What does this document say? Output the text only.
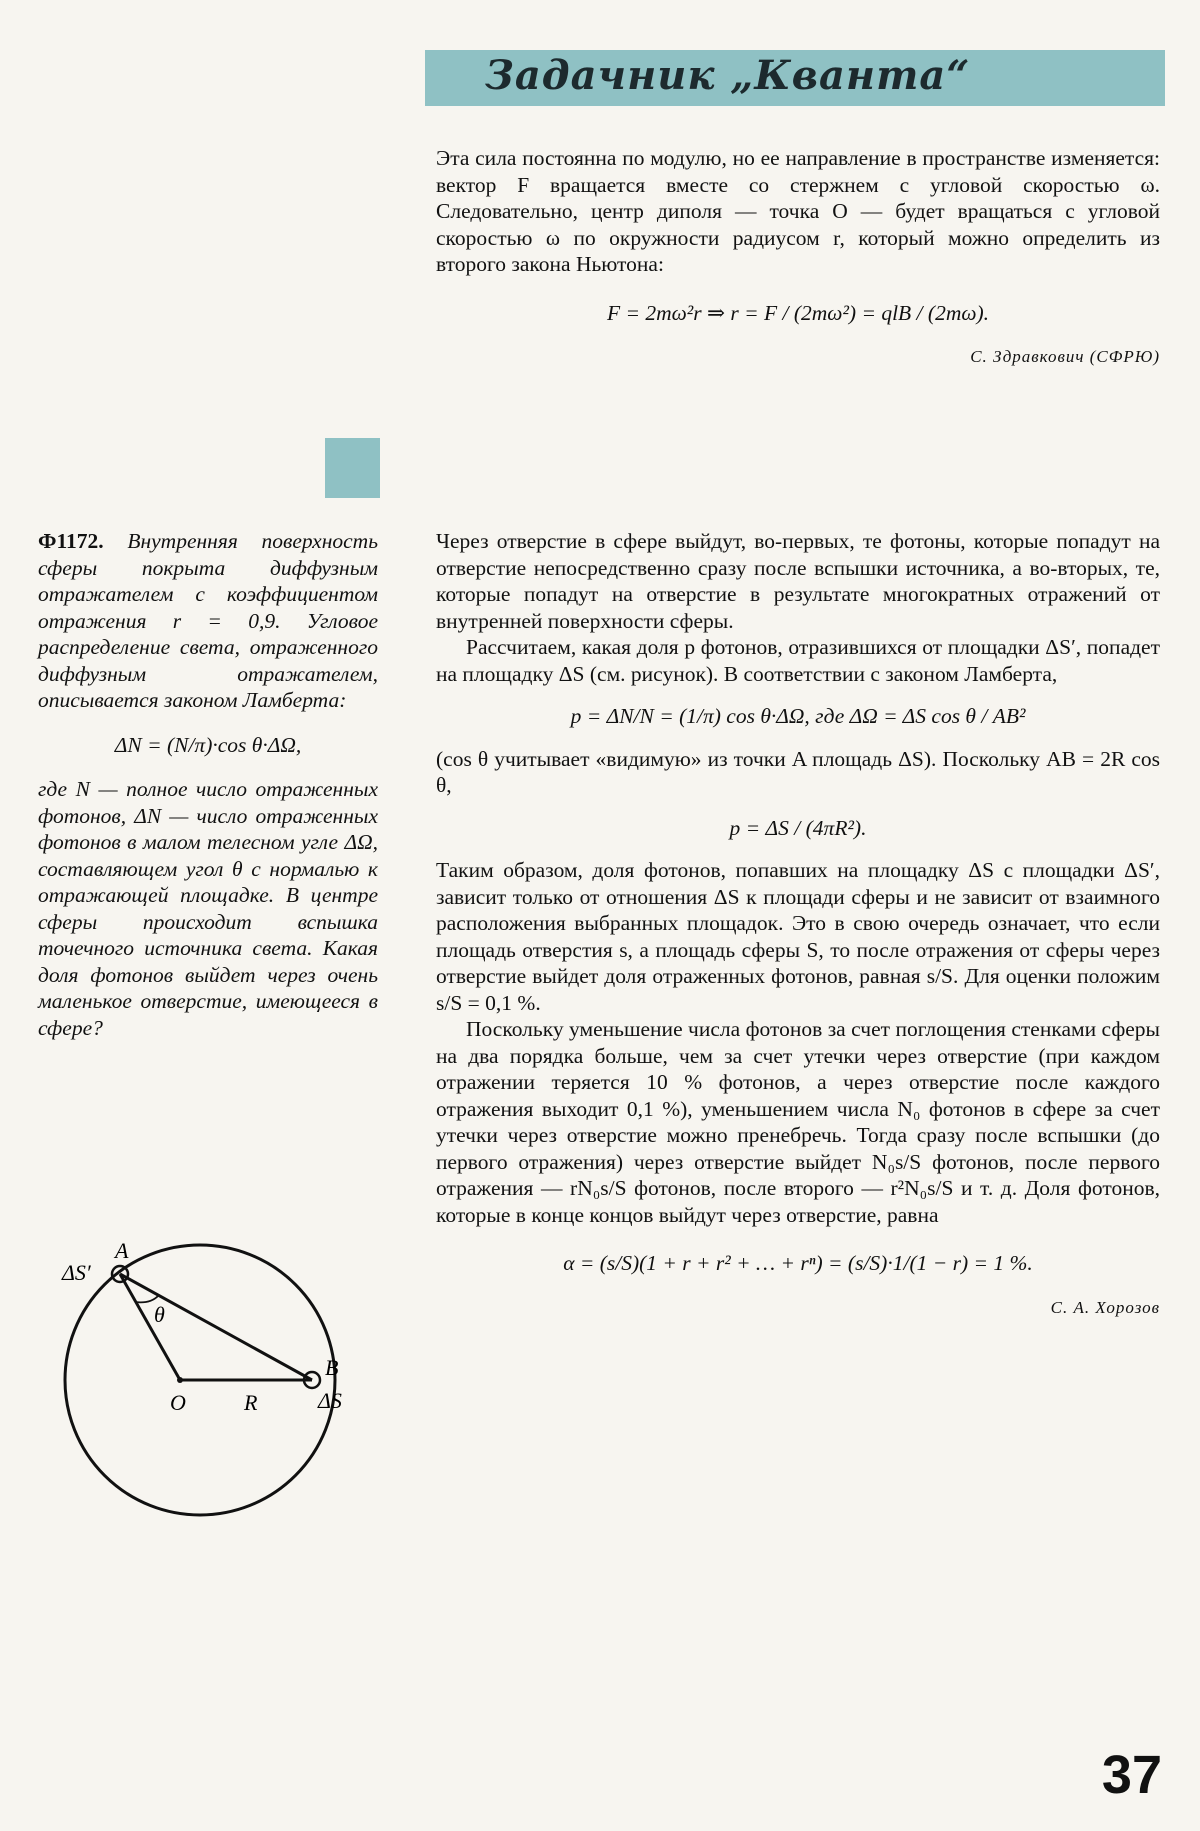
Задачник „Кванта“

Эта сила постоянна по модулю, но ее направление в пространстве изменяется: вектор F вращается вместе со стержнем с угловой скоростью ω. Следовательно, центр диполя — точка O — будет вращаться с угловой скоростью ω по окружности радиусом r, который можно определить из второго закона Ньютона:

F = 2mω²r ⇒ r = F / (2mω²) = qlB / (2mω).

С. Здравкович (СФРЮ)

Ф1172. Внутренняя поверхность сферы покрыта диффузным отражателем с коэффициентом отражения r = 0,9. Угловое распределение света, отраженного диффузным отражателем, описывается законом Ламберта:

ΔN = (N/π)·cos θ·ΔΩ,

где N — полное число отраженных фотонов, ΔN — число отраженных фотонов в малом телесном угле ΔΩ, составляющем угол θ с нормалью к отражающей площадке. В центре сферы происходит вспышка точечного источника света. Какая доля фотонов выйдет через очень маленькое отверстие, имеющееся в сфере?

A
ΔS′
θ
O	R
B
ΔS

Через отверстие в сфере выйдут, во-первых, те фотоны, которые попадут на отверстие непосредственно сразу после вспышки источника, а во-вторых, те, которые попадут на отверстие в результате многократных отражений от внутренней поверхности сферы.

Рассчитаем, какая доля p фотонов, отразившихся от площадки ΔS′, попадет на площадку ΔS (см. рисунок). В соответствии с законом Ламберта,

p = ΔN/N = (1/π) cos θ·ΔΩ, где ΔΩ = ΔS cos θ / AB²

(cos θ учитывает «видимую» из точки A площадь ΔS). Поскольку AB = 2R cos θ,

p = ΔS / (4πR²).

Таким образом, доля фотонов, попавших на площадку ΔS с площадки ΔS′, зависит только от отношения ΔS к площади сферы и не зависит от взаимного расположения выбранных площадок. Это в свою очередь означает, что если площадь отверстия s, а площадь сферы S, то после отражения от сферы через отверстие выйдет доля отраженных фотонов, равная s/S. Для оценки положим s/S = 0,1 %.

Поскольку уменьшение числа фотонов за счет поглощения стенками сферы на два порядка больше, чем за счет утечки через отверстие (при каждом отражении теряется 10 % фотонов, а через отверстие после каждого отражения выходит 0,1 %), уменьшением числа N₀ фотонов в сфере за счет утечки через отверстие можно пренебречь. Тогда сразу после вспышки (до первого отражения) через отверстие выйдет N₀s/S фотонов, после первого отражения — rN₀s/S фотонов, после второго — r²N₀s/S и т. д. Доля фотонов, которые в конце концов выйдут через отверстие, равна

α = (s/S)(1 + r + r² + … + rⁿ) = (s/S)·1/(1 − r) = 1 %.

С. А. Хорозов

37
